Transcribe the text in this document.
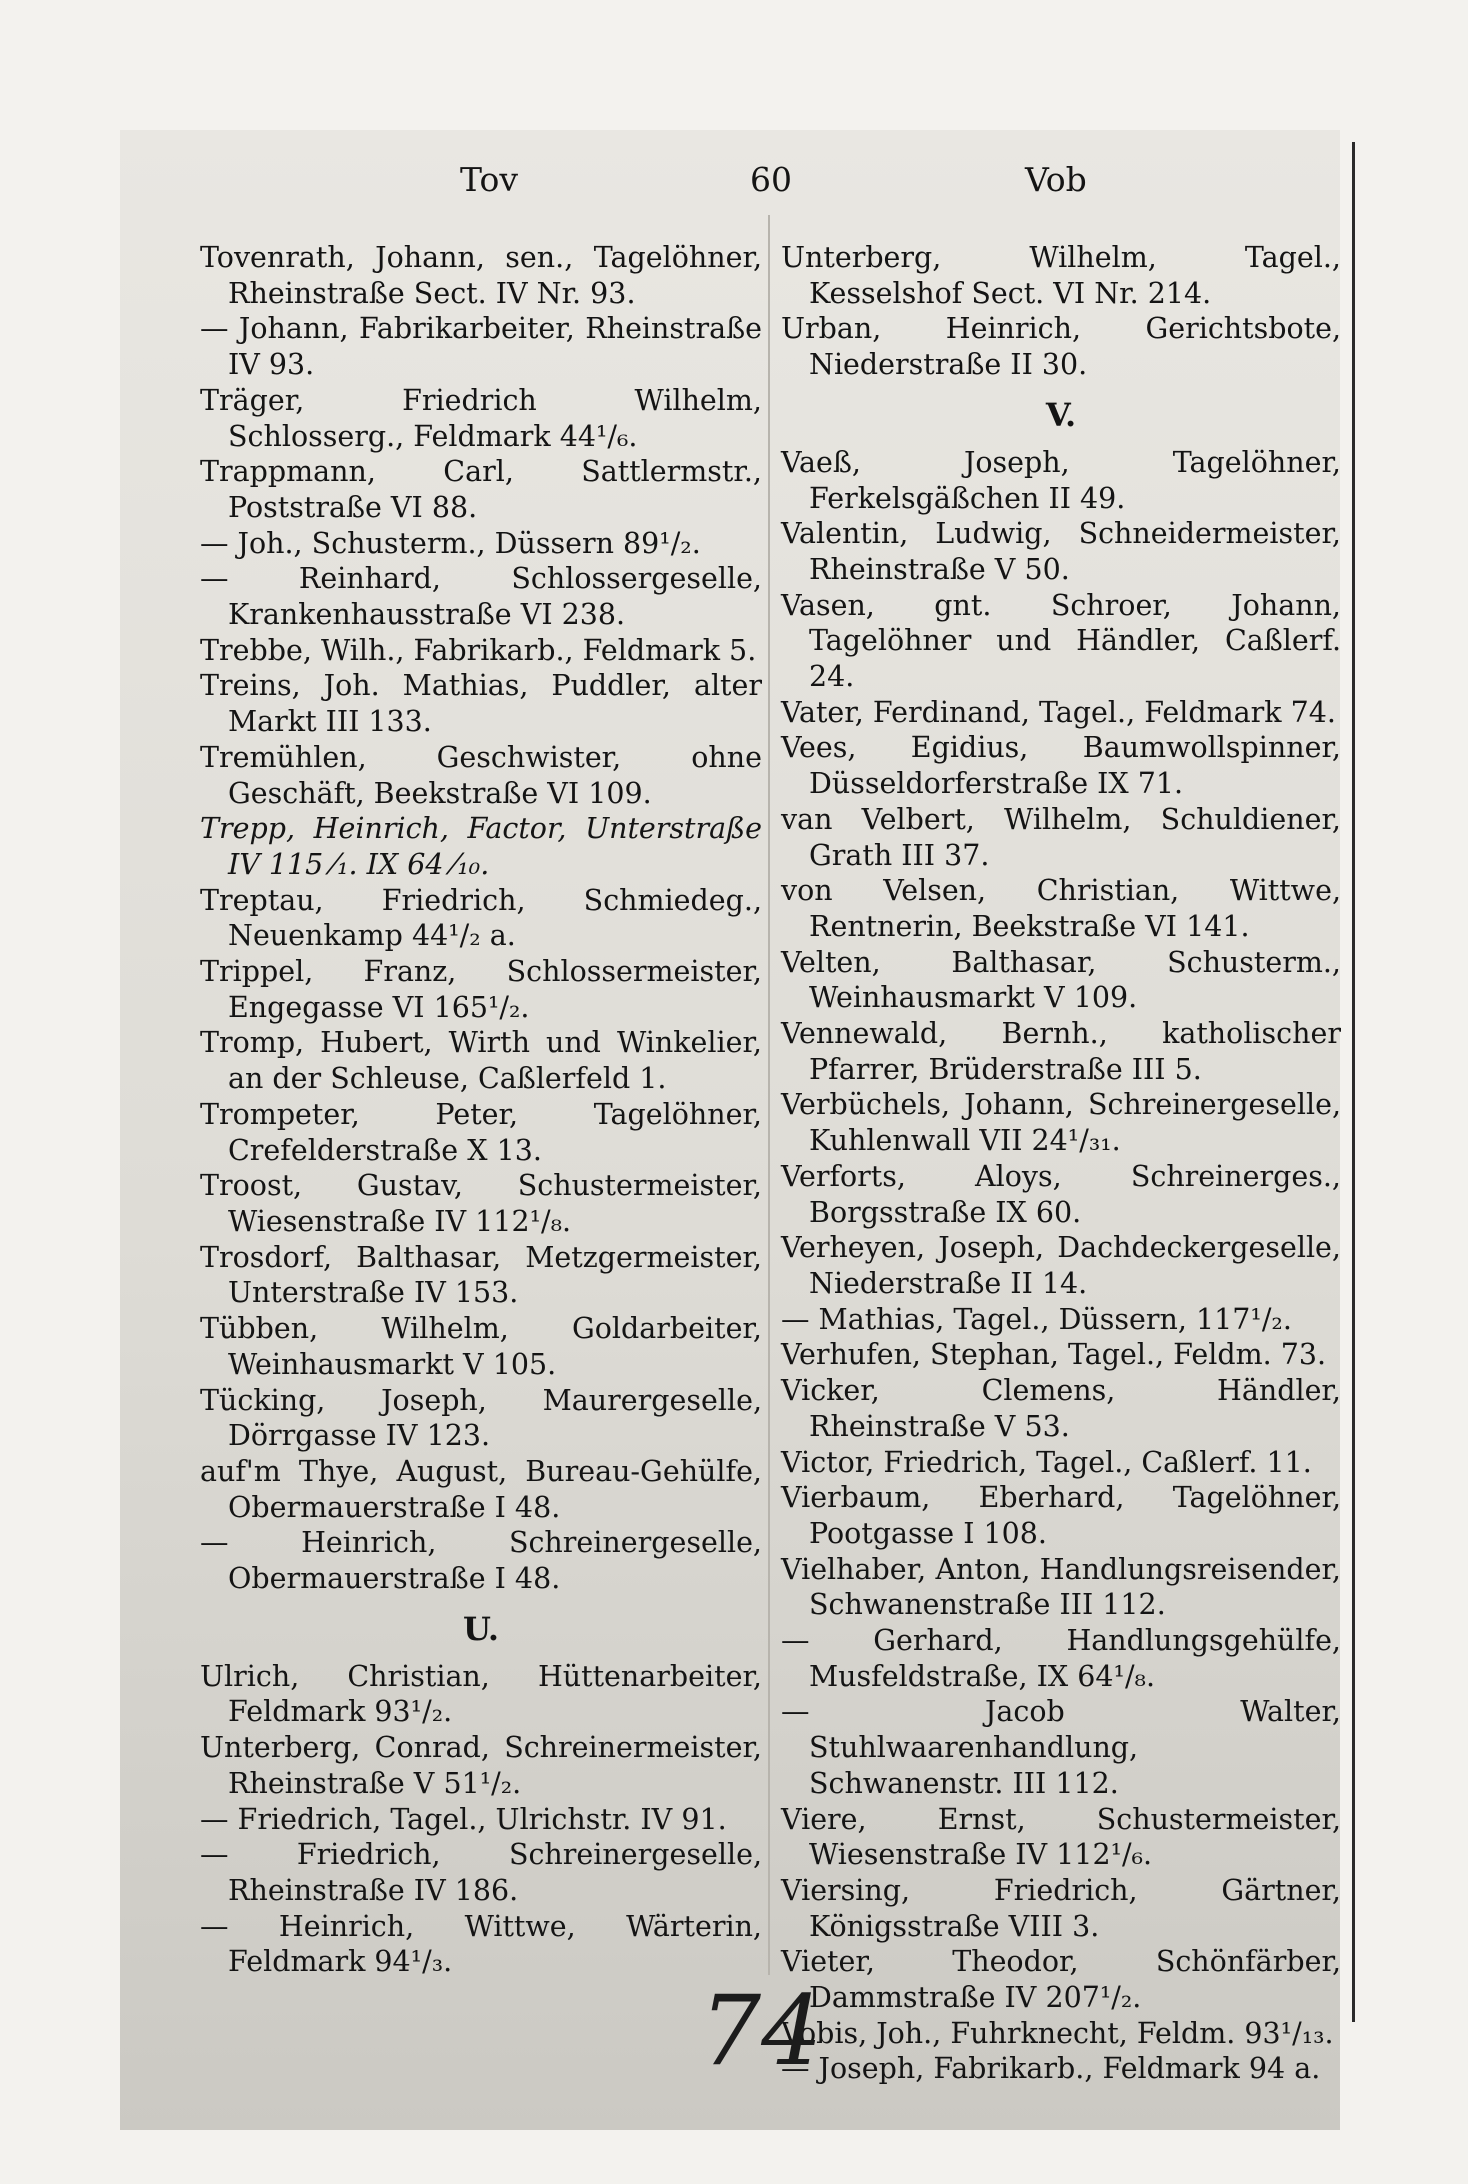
Tov	60	Vob

Tovenrath, Johann, sen., Tagelöhner, Rheinstraße Sect. IV Nr. 93.

— Johann, Fabrikarbeiter, Rheinstraße IV 93.

Träger, Friedrich Wilhelm, Schlosserg., Feldmark 44¹/₆.

Trappmann, Carl, Sattlermstr., Poststraße VI 88.

— Joh., Schusterm., Düssern 89¹/₂.

— Reinhard, Schlossergeselle, Krankenhausstraße VI 238.

Trebbe, Wilh., Fabrikarb., Feldmark 5.

Treins, Joh. Mathias, Puddler, alter Markt III 133.

Tremühlen, Geschwister, ohne Geschäft, Beekstraße VI 109.

Trepp, Heinrich, Factor, Unterstraße IV 115 ⁄₁. IX 64 ⁄₁₀.

Treptau, Friedrich, Schmiedeg., Neuenkamp 44¹/₂ a.

Trippel, Franz, Schlossermeister, Engegasse VI 165¹/₂.

Tromp, Hubert, Wirth und Winkelier, an der Schleuse, Caßlerfeld 1.

Trompeter, Peter, Tagelöhner, Crefelderstraße X 13.

Troost, Gustav, Schustermeister, Wiesenstraße IV 112¹/₈.

Trosdorf, Balthasar, Metzgermeister, Unterstraße IV 153.

Tübben, Wilhelm, Goldarbeiter, Weinhausmarkt V 105.

Tücking, Joseph, Maurergeselle, Dörrgasse IV 123.

auf'm Thye, August, Bureau-Gehülfe, Obermauerstraße I 48.

— Heinrich, Schreinergeselle, Obermauerstraße I 48.

U.

Ulrich, Christian, Hüttenarbeiter, Feldmark 93¹/₂.

Unterberg, Conrad, Schreinermeister, Rheinstraße V 51¹/₂.

— Friedrich, Tagel., Ulrichstr. IV 91.

— Friedrich, Schreinergeselle, Rheinstraße IV 186.

— Heinrich, Wittwe, Wärterin, Feldmark 94¹/₃.

Unterberg, Wilhelm, Tagel., Kesselshof Sect. VI Nr. 214.

Urban, Heinrich, Gerichtsbote, Niederstraße II 30.

V.

Vaeß, Joseph, Tagelöhner, Ferkelsgäßchen II 49.

Valentin, Ludwig, Schneidermeister, Rheinstraße V 50.

Vasen, gnt. Schroer, Johann, Tagelöhner und Händler, Caßlerf. 24.

Vater, Ferdinand, Tagel., Feldmark 74.

Vees, Egidius, Baumwollspinner, Düsseldorferstraße IX 71.

van Velbert, Wilhelm, Schuldiener, Grath III 37.

von Velsen, Christian, Wittwe, Rentnerin, Beekstraße VI 141.

Velten, Balthasar, Schusterm., Weinhausmarkt V 109.

Vennewald, Bernh., katholischer Pfarrer, Brüderstraße III 5.

Verbüchels, Johann, Schreinergeselle, Kuhlenwall VII 24¹/₃₁.

Verforts, Aloys, Schreinerges., Borgsstraße IX 60.

Verheyen, Joseph, Dachdeckergeselle, Niederstraße II 14.

— Mathias, Tagel., Düssern, 117¹/₂.

Verhufen, Stephan, Tagel., Feldm. 73.

Vicker, Clemens, Händler, Rheinstraße V 53.

Victor, Friedrich, Tagel., Caßlerf. 11.

Vierbaum, Eberhard, Tagelöhner, Pootgasse I 108.

Vielhaber, Anton, Handlungsreisender, Schwanenstraße III 112.

— Gerhard, Handlungsgehülfe, Musfeldstraße, IX 64¹/₈.

— Jacob Walter, Stuhlwaarenhandlung, Schwanenstr. III 112.

Viere, Ernst, Schustermeister, Wiesenstraße IV 112¹/₆.

Viersing, Friedrich, Gärtner, Königsstraße VIII 3.

Vieter, Theodor, Schönfärber, Dammstraße IV 207¹/₂.

Vobis, Joh., Fuhrknecht, Feldm. 93¹/₁₃.

— Joseph, Fabrikarb., Feldmark 94 a.

74
